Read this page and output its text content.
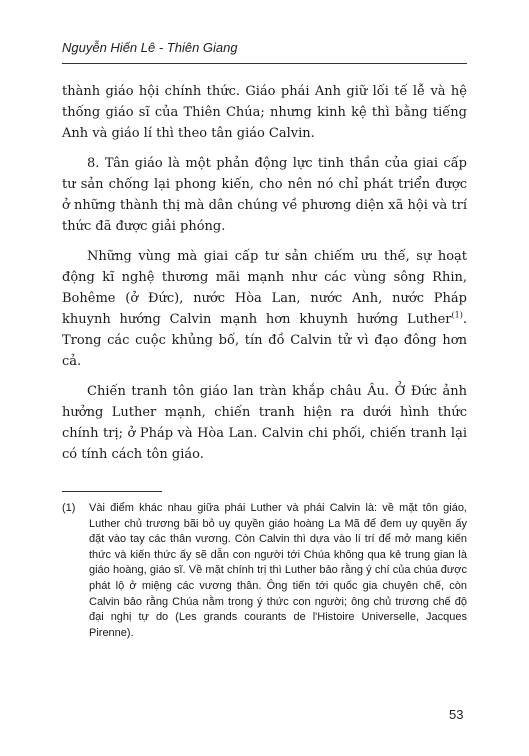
Nguyễn Hiến Lê - Thiên Giang

thành giáo hội chính thức. Giáo phái Anh giữ lối tế lễ và hệ thống giáo sĩ của Thiên Chúa; nhưng kinh kệ thì bằng tiếng Anh và giáo lí thì theo tân giáo Calvin.

8. Tân giáo là một phản động lực tinh thần của giai cấp tư sản chống lại phong kiến, cho nên nó chỉ phát triển được ở những thành thị mà dân chúng về phương diện xã hội và trí thức đã được giải phóng.

Những vùng mà giai cấp tư sản chiếm ưu thế, sự hoạt động kĩ nghệ thương mãi mạnh như các vùng sông Rhin, Bohême (ở Đức), nước Hòa Lan, nước Anh, nước Pháp khuynh hướng Calvin mạnh hơn khuynh hướng Luther$^{(1)}$. Trong các cuộc khủng bố, tín đồ Calvin tử vì đạo đông hơn cả.

Chiến tranh tôn giáo lan tràn khắp châu Âu. Ở Đức ảnh hưởng Luther mạnh, chiến tranh hiện ra dưới hình thức chính trị; ở Pháp và Hòa Lan. Calvin chi phối, chiến tranh lại có tính cách tôn giáo.

(1) Vài điểm khác nhau giữa phái Luther và phái Calvin là: về mặt tôn giáo, Luther chủ trương bãi bỏ uy quyền giáo hoàng La Mã để đem uy quyền ấy đặt vào tay các thân vương. Còn Calvin thì dựa vào lí trí để mở mang kiến thức và kiến thức ấy sẽ dẫn con người tới Chúa không qua kẻ trung gian là giáo hoàng, giáo sĩ. Về mặt chính trị thì Luther bảo rằng ý chí của chúa được phát lộ ở miệng các vương thân. Ông tiến tới quốc gia chuyên chế, còn Calvin bảo rằng Chúa nằm trong ý thức con người; ông chủ trương chế độ đại nghị tự do (Les grands courants de l'Histoire Universelle, Jacques Pirenne).
53
